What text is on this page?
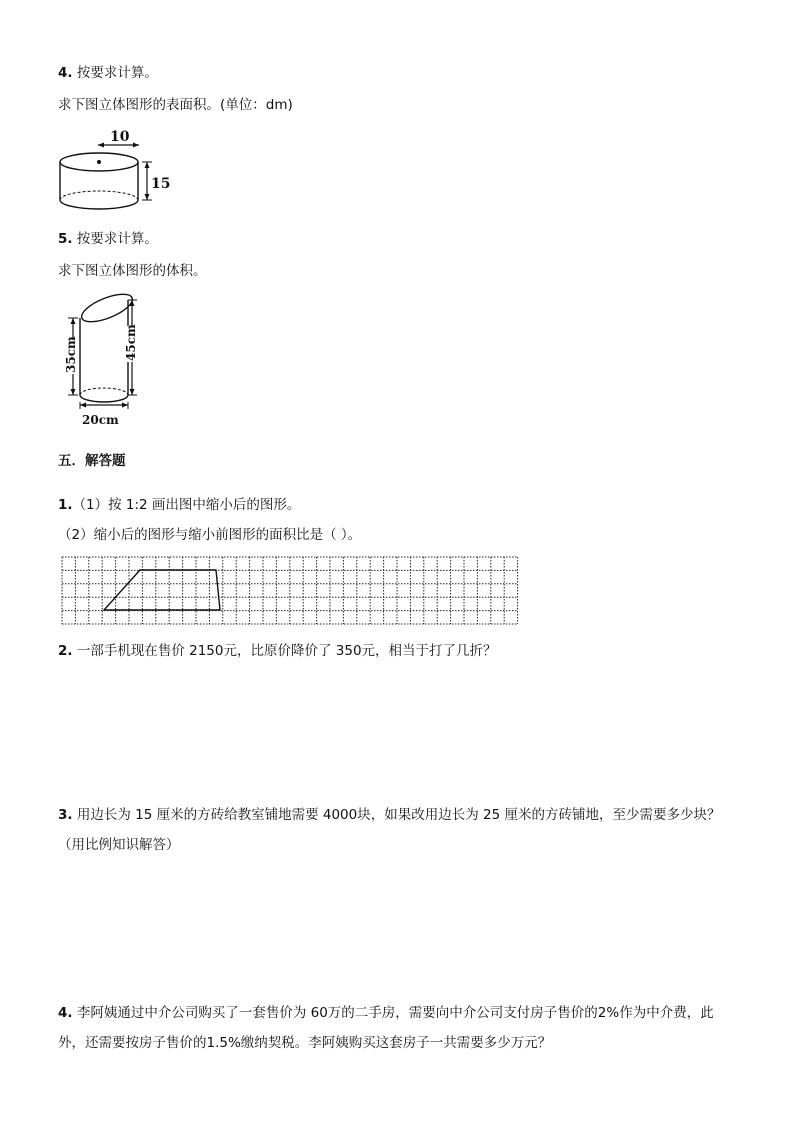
4. 按要求计算。
求下图立体图形的表面积。(单位：dm)
10
15
5. 按要求计算。
求下图立体图形的体积。
35cm	45cm
20cm
五．解答题
1.（1）按 1:2 画出图中缩小后的图形。
（2）缩小后的图形与缩小前图形的面积比是（ ）。
2. 一部手机现在售价 2150元，比原价降价了 350元，相当于打了几折？
3. 用边长为 15 厘米的方砖给教室铺地需要 4000块，如果改用边长为 25 厘米的方砖铺地，至少需要多少块？
（用比例知识解答）
4. 李阿姨通过中介公司购买了一套售价为 60万的二手房，需要向中介公司支付房子售价的2%作为中介费，此
外，还需要按房子售价的1.5%缴纳契税。李阿姨购买这套房子一共需要多少万元？
